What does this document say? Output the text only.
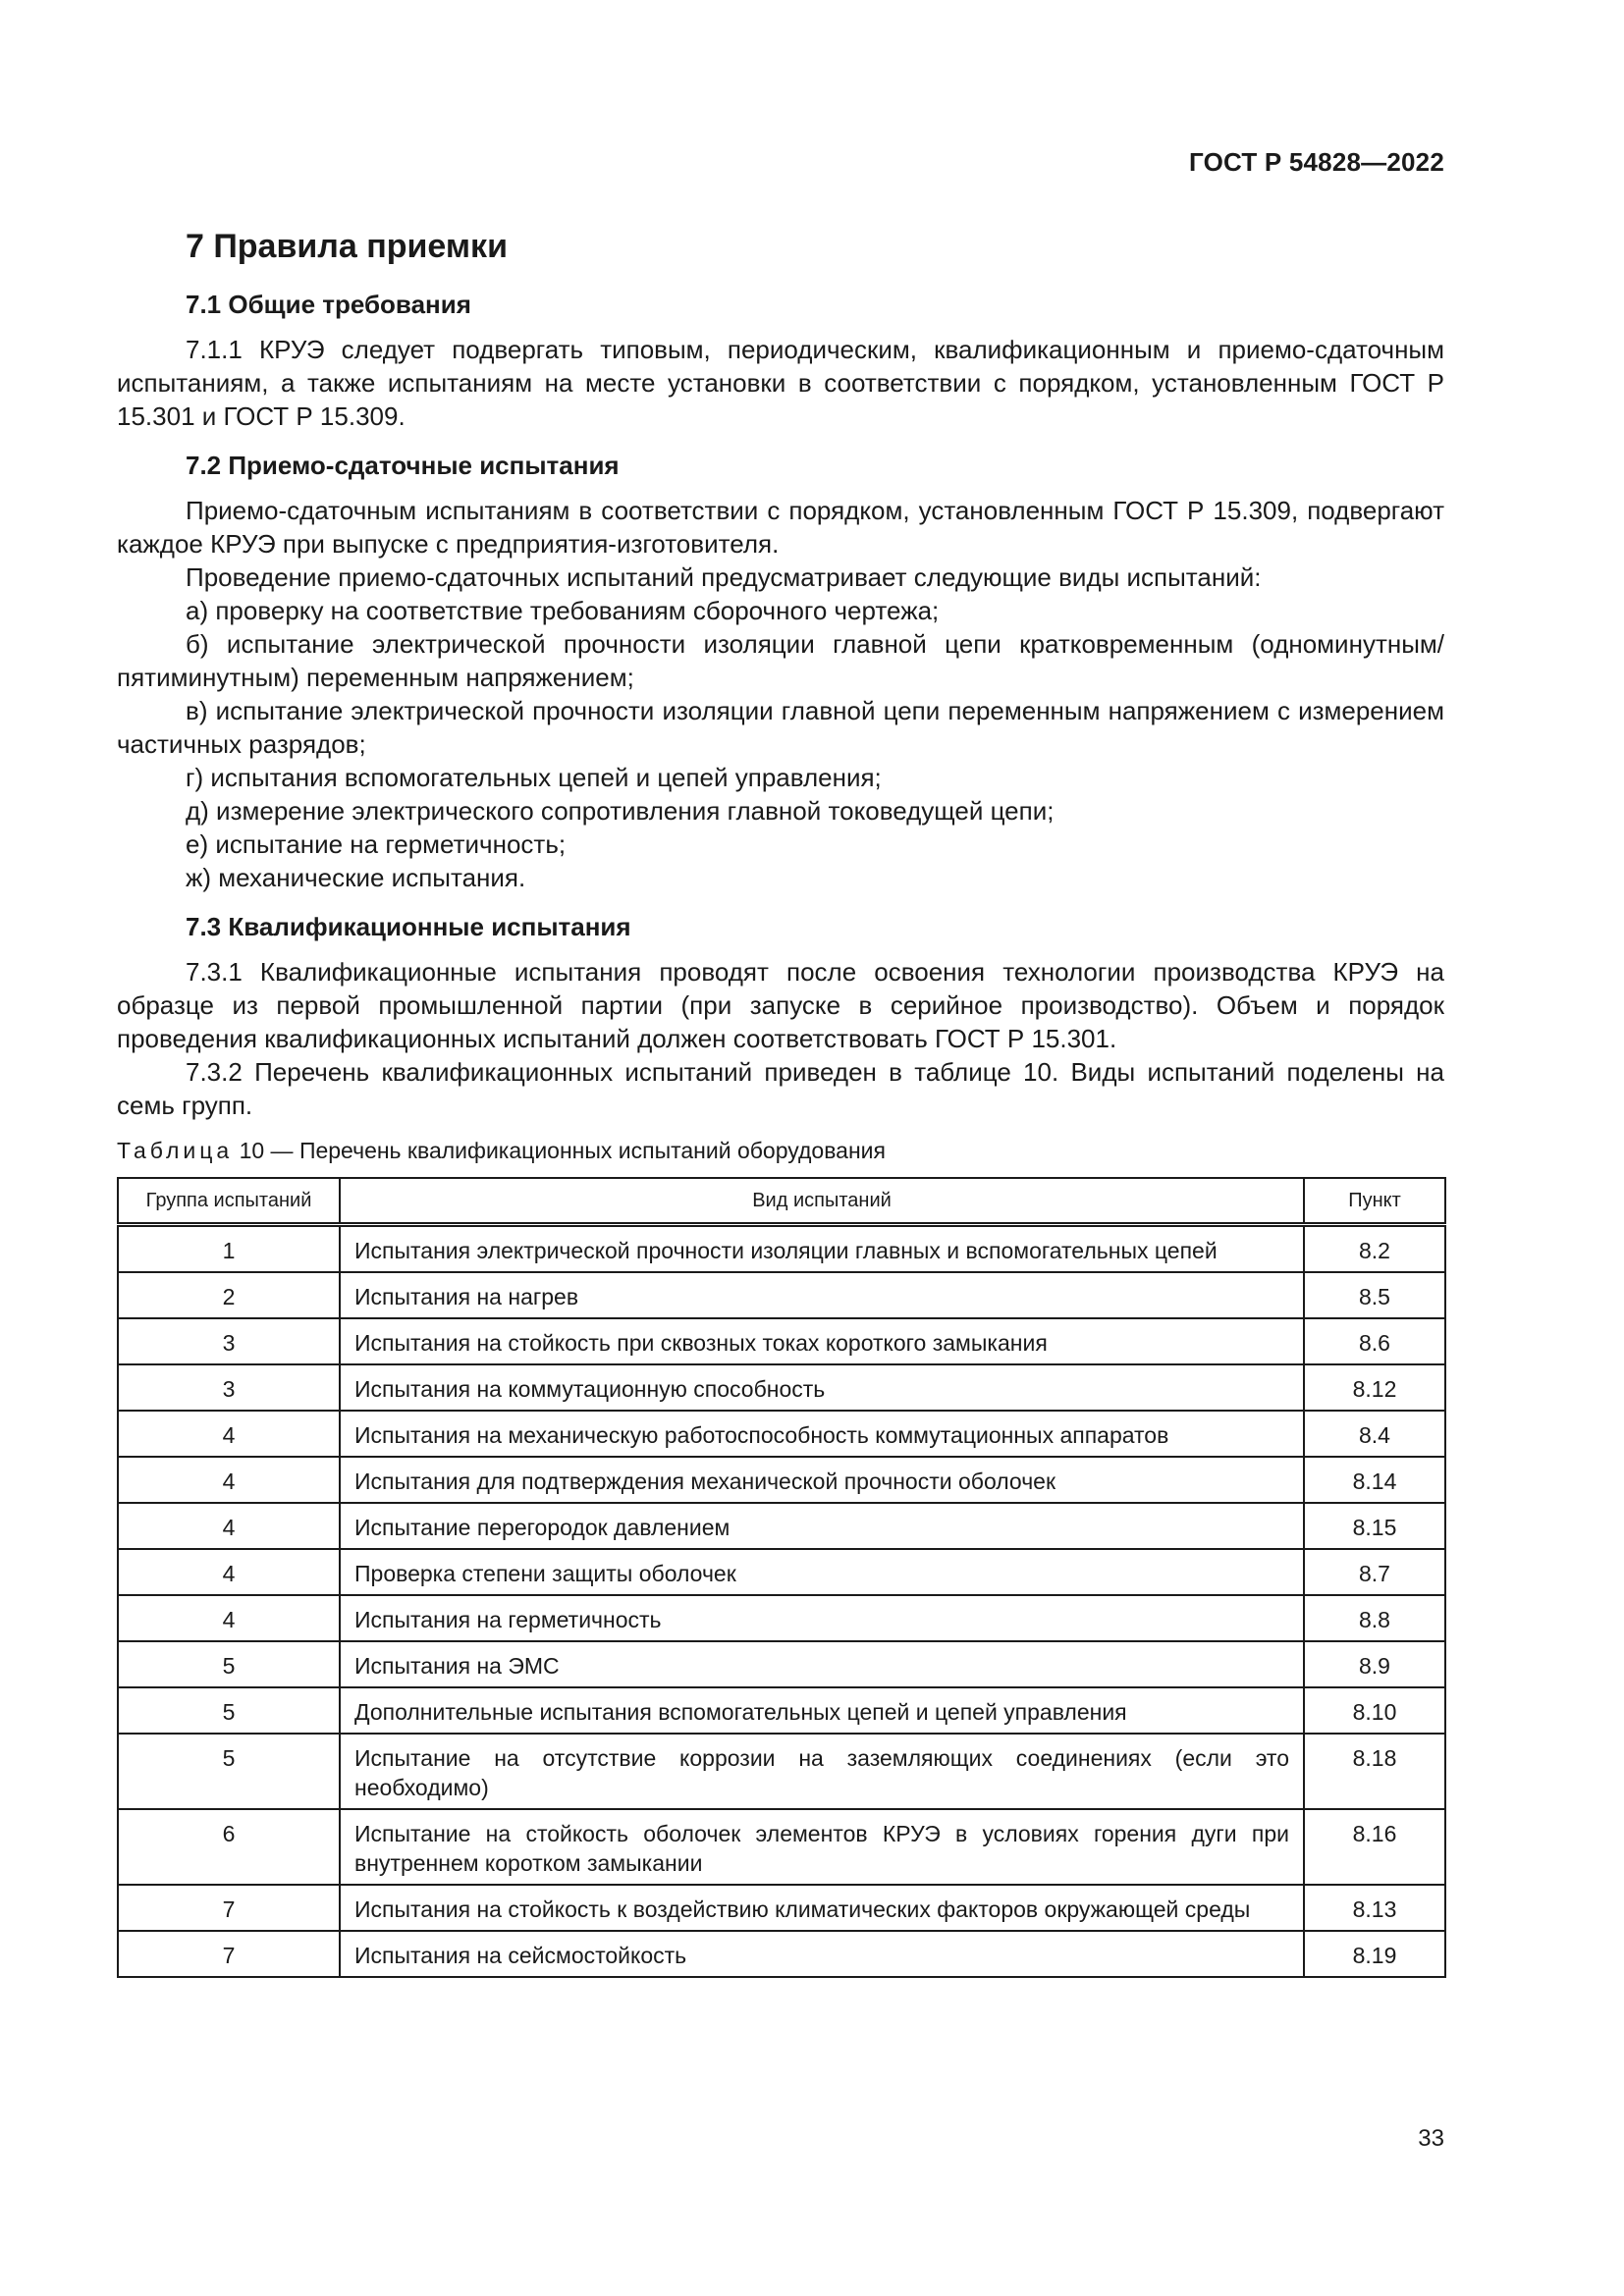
ГОСТ Р 54828—2022
7 Правила приемки
7.1 Общие требования

7.1.1 КРУЭ следует подвергать типовым, периодическим, квалификационным и приемо-сдаточным испытаниям, а также испытаниям на месте установки в соответствии с порядком, установленным ГОСТ Р 15.301 и ГОСТ Р 15.309.

7.2 Приемо-сдаточные испытания

Приемо-сдаточным испытаниям в соответствии с порядком, установленным ГОСТ Р 15.309, подвергают каждое КРУЭ при выпуске с предприятия-изготовителя.

Проведение приемо-сдаточных испытаний предусматривает следующие виды испытаний:

а) проверку на соответствие требованиям сборочного чертежа;

б) испытание электрической прочности изоляции главной цепи кратковременным (одноминутным/пятиминутным) переменным напряжением;

в) испытание электрической прочности изоляции главной цепи переменным напряжением с измерением частичных разрядов;

г) испытания вспомогательных цепей и цепей управления;

д) измерение электрического сопротивления главной токоведущей цепи;

е) испытание на герметичность;

ж) механические испытания.

7.3 Квалификационные испытания

7.3.1 Квалификационные испытания проводят после освоения технологии производства КРУЭ на образце из первой промышленной партии (при запуске в серийное производство). Объем и порядок проведения квалификационных испытаний должен соответствовать ГОСТ Р 15.301.

7.3.2 Перечень квалификационных испытаний приведен в таблице 10. Виды испытаний поделены на семь групп.

Таблица 10 — Перечень квалификационных испытаний оборудования
Группа испытаний	Вид испытаний	Пункт
1	Испытания электрической прочности изоляции главных и вспомогательных цепей	8.2
2	Испытания на нагрев	8.5
3	Испытания на стойкость при сквозных токах короткого замыкания	8.6
3	Испытания на коммутационную способность	8.12
4	Испытания на механическую работоспособность коммутационных аппаратов	8.4
4	Испытания для подтверждения механической прочности оболочек	8.14
4	Испытание перегородок давлением	8.15
4	Проверка степени защиты оболочек	8.7
4	Испытания на герметичность	8.8
5	Испытания на ЭМС	8.9
5	Дополнительные испытания вспомогательных цепей и цепей управления	8.10
5	Испытание на отсутствие коррозии на заземляющих соединениях (если это необходимо)	8.18
6	Испытание на стойкость оболочек элементов КРУЭ в условиях горения дуги при внутреннем коротком замыкании	8.16
7	Испытания на стойкость к воздействию климатических факторов окружающей среды	8.13
7	Испытания на сейсмостойкость	8.19
33
